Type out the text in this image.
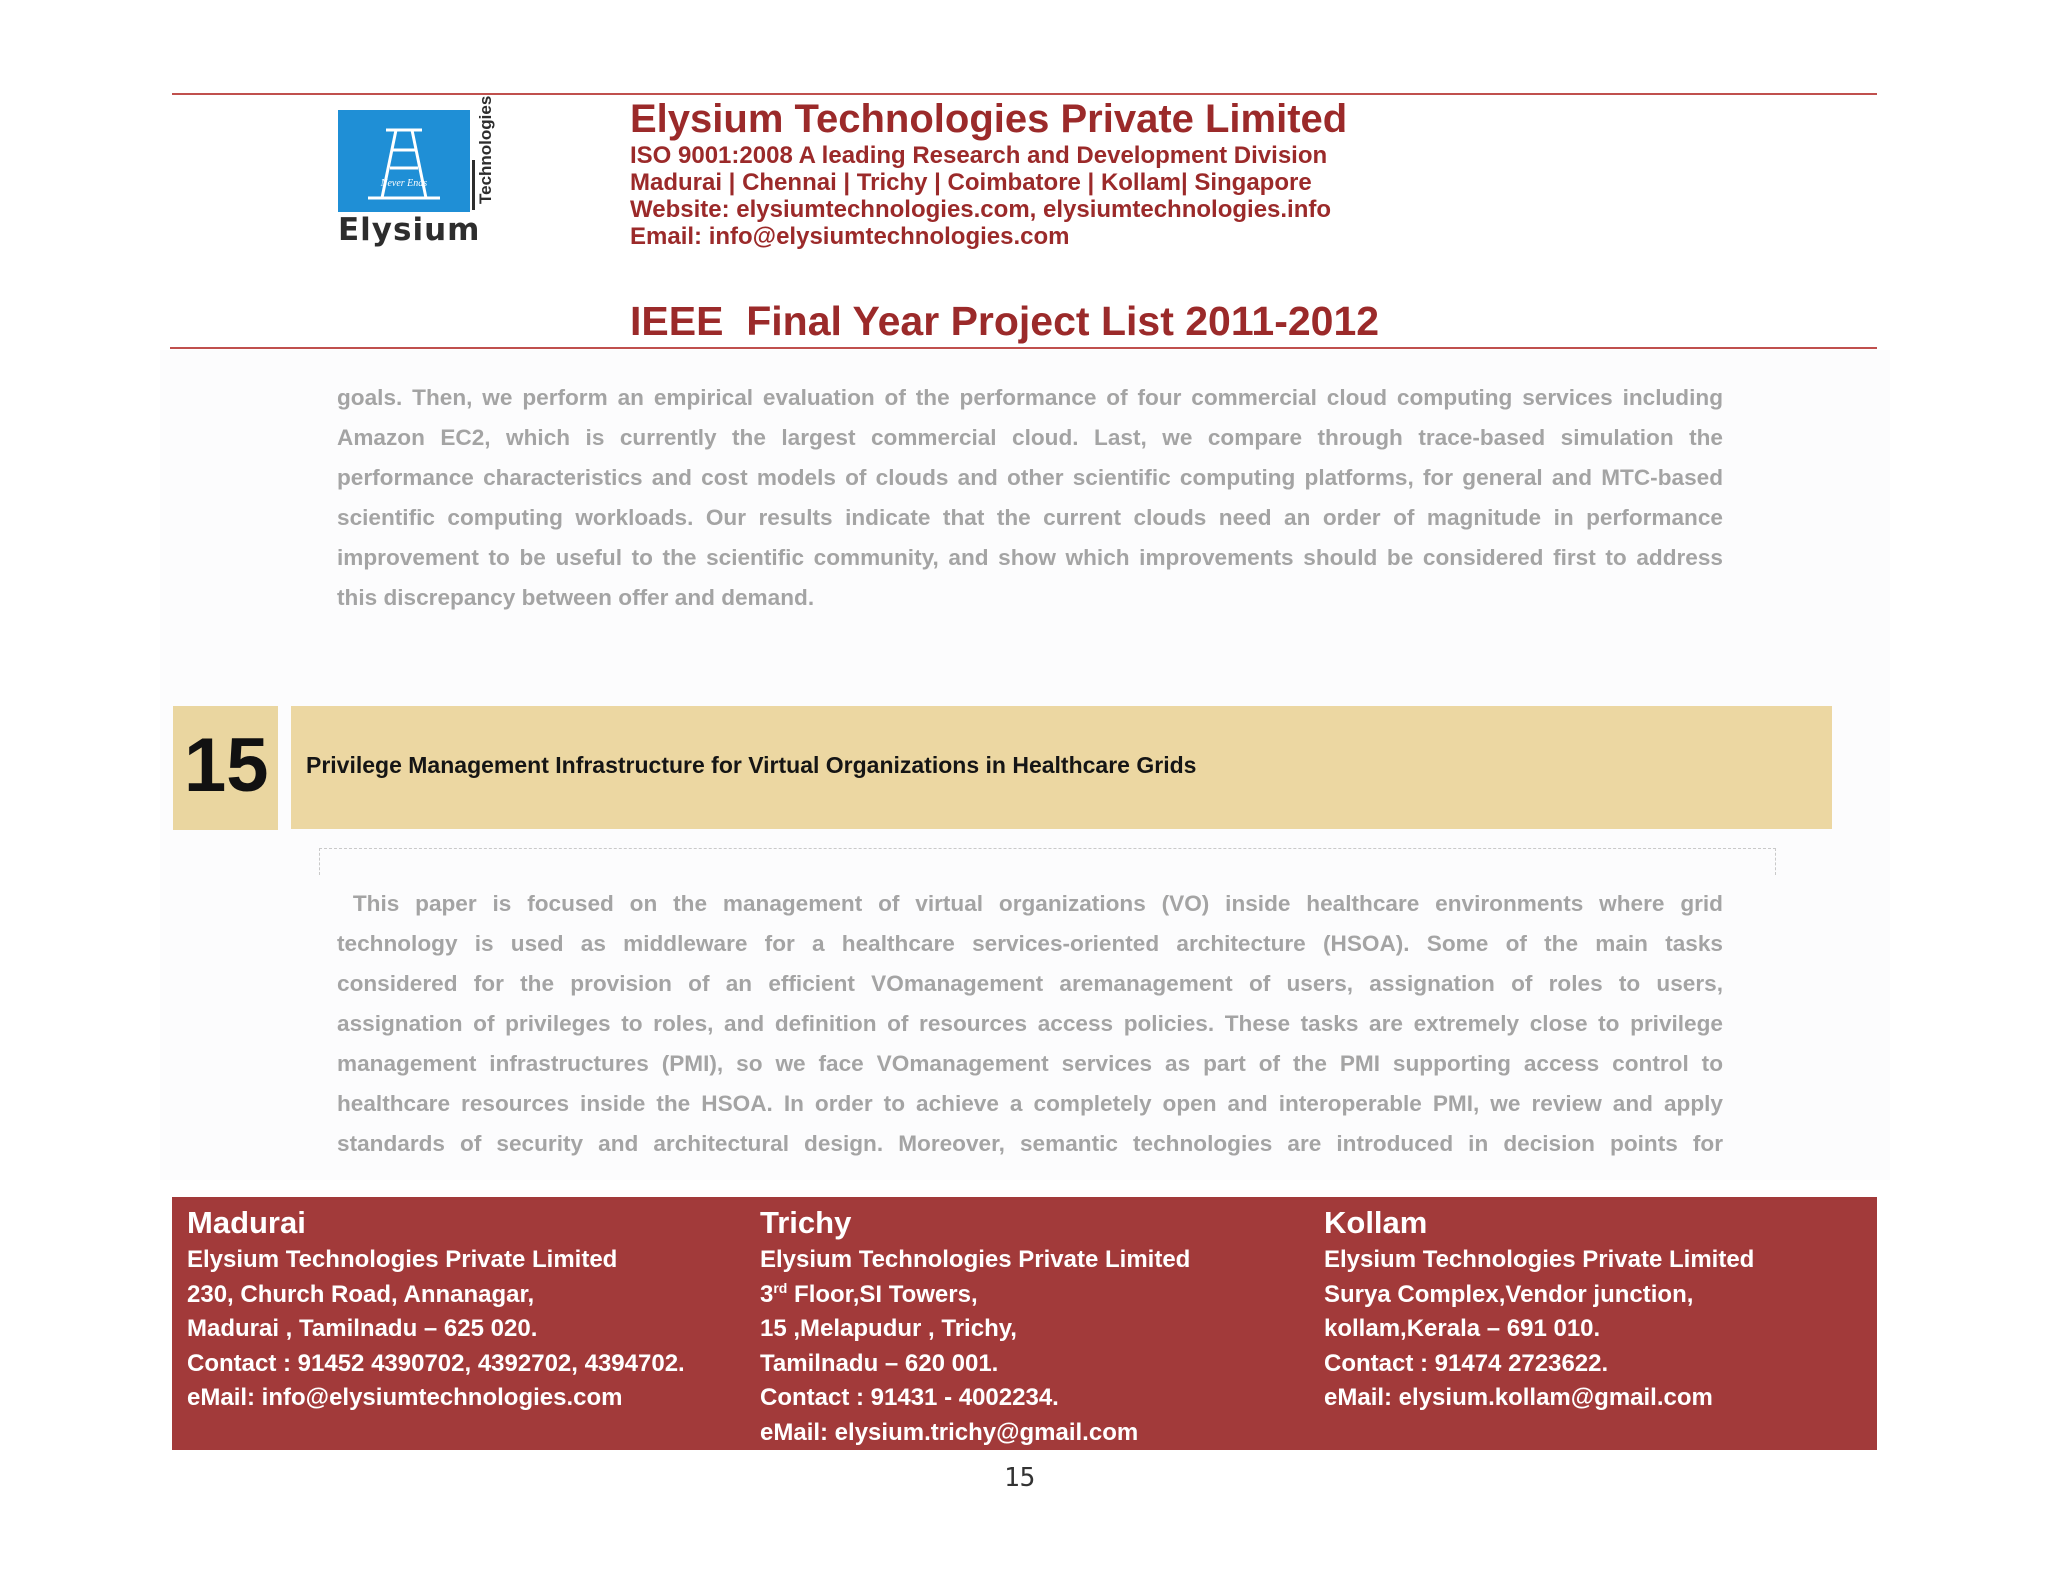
Never Ends	Technologies
Elysium
Elysium Technologies Private Limited
ISO 9001:2008 A leading Research and Development Division
Madurai | Chennai | Trichy | Coimbatore | Kollam| Singapore
Website: elysiumtechnologies.com, elysiumtechnologies.info
Email: info@elysiumtechnologies.com
IEEE  Final Year Project List 2011-2012
goals. Then, we perform an empirical evaluation of the performance of four commercial cloud computing services including
Amazon EC2, which is currently the largest commercial cloud. Last, we compare through trace-based simulation the
performance characteristics and cost models of clouds and other scientific computing platforms, for general and MTC-based
scientific computing workloads. Our results indicate that the current clouds need an order of magnitude in performance
improvement to be useful to the scientific community, and show which improvements should be considered first to address
this discrepancy between offer and demand.
15 Privilege Management Infrastructure for Virtual Organizations in Healthcare Grids
This paper is focused on the management of virtual organizations (VO) inside healthcare environments where grid
technology is used as middleware for a healthcare services-oriented architecture (HSOA). Some of the main tasks
considered for the provision of an efficient VOmanagement aremanagement of users, assignation of roles to users,
assignation of privileges to roles, and definition of resources access policies. These tasks are extremely close to privilege
management infrastructures (PMI), so we face VOmanagement services as part of the PMI supporting access control to
healthcare resources inside the HSOA. In order to achieve a completely open and interoperable PMI, we review and apply
standards of security and architectural design. Moreover, semantic technologies are introduced in decision points for
Madurai
Elysium Technologies Private Limited
230, Church Road, Annanagar,
Madurai , Tamilnadu – 625 020.
Contact : 91452 4390702, 4392702, 4394702.
eMail: info@elysiumtechnologies.com
Trichy
Elysium Technologies Private Limited
3rd Floor,SI Towers,
15 ,Melapudur , Trichy,
Tamilnadu – 620 001.
Contact : 91431 - 4002234.
eMail: elysium.trichy@gmail.com
Kollam
Elysium Technologies Private Limited
Surya Complex,Vendor junction,
kollam,Kerala – 691 010.
Contact : 91474 2723622.
eMail: elysium.kollam@gmail.com
15
